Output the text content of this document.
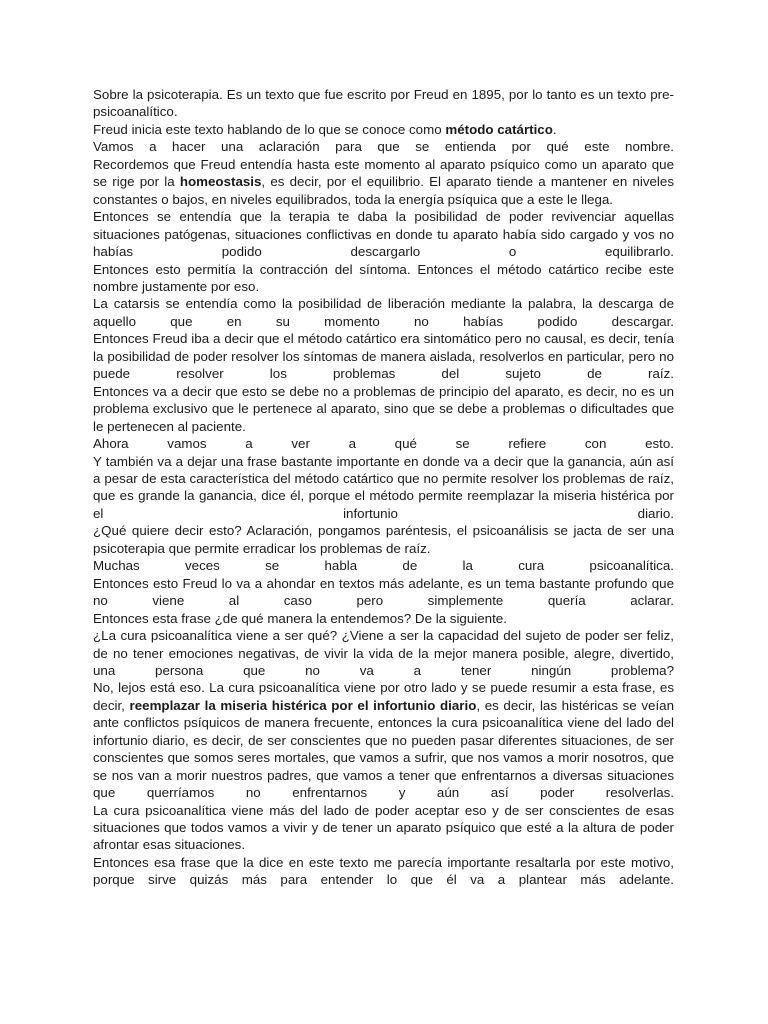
Sobre la psicoterapia. Es un texto que fue escrito por Freud en 1895, por lo tanto es un texto pre-psicoanalítico.

Freud inicia este texto hablando de lo que se conoce como método catártico.

Vamos a hacer una aclaración para que se entienda por qué este nombre.

Recordemos que Freud entendía hasta este momento al aparato psíquico como un aparato que se rige por la homeostasis, es decir, por el equilibrio. El aparato tiende a mantener en niveles constantes o bajos, en niveles equilibrados, toda la energía psíquica que a este le llega.

Entonces se entendía que la terapia te daba la posibilidad de poder revivenciar aquellas situaciones patógenas, situaciones conflictivas en donde tu aparato había sido cargado y vos no habías podido descargarlo o equilibrarlo.

Entonces esto permitía la contracción del síntoma. Entonces el método catártico recibe este nombre justamente por eso.

La catarsis se entendía como la posibilidad de liberación mediante la palabra, la descarga de aquello que en su momento no habías podido descargar.

Entonces Freud iba a decir que el método catártico era sintomático pero no causal, es decir, tenía la posibilidad de poder resolver los síntomas de manera aislada, resolverlos en particular, pero no puede resolver los problemas del sujeto de raíz.

Entonces va a decir que esto se debe no a problemas de principio del aparato, es decir, no es un problema exclusivo que le pertenece al aparato, sino que se debe a problemas o dificultades que le pertenecen al paciente.

Ahora vamos a ver a qué se refiere con esto.

Y también va a dejar una frase bastante importante en donde va a decir que la ganancia, aún así a pesar de esta característica del método catártico que no permite resolver los problemas de raíz, que es grande la ganancia, dice él, porque el método permite reemplazar la miseria histérica por el infortunio diario.

¿Qué quiere decir esto? Aclaración, pongamos paréntesis, el psicoanálisis se jacta de ser una psicoterapia que permite erradicar los problemas de raíz.

Muchas veces se habla de la cura psicoanalítica.

Entonces esto Freud lo va a ahondar en textos más adelante, es un tema bastante profundo que no viene al caso pero simplemente quería aclarar.

Entonces esta frase ¿de qué manera la entendemos? De la siguiente.

¿La cura psicoanalítica viene a ser qué? ¿Viene a ser la capacidad del sujeto de poder ser feliz, de no tener emociones negativas, de vivir la vida de la mejor manera posible, alegre, divertido, una persona que no va a tener ningún problema?

No, lejos está eso. La cura psicoanalítica viene por otro lado y se puede resumir a esta frase, es decir, reemplazar la miseria histérica por el infortunio diario, es decir, las histéricas se veían ante conflictos psíquicos de manera frecuente, entonces la cura psicoanalítica viene del lado del infortunio diario, es decir, de ser conscientes que no pueden pasar diferentes situaciones, de ser conscientes que somos seres mortales, que vamos a sufrir, que nos vamos a morir nosotros, que se nos van a morir nuestros padres, que vamos a tener que enfrentarnos a diversas situaciones que querríamos no enfrentarnos y aún así poder resolverlas.

La cura psicoanalítica viene más del lado de poder aceptar eso y de ser conscientes de esas situaciones que todos vamos a vivir y de tener un aparato psíquico que esté a la altura de poder afrontar esas situaciones.

Entonces esa frase que la dice en este texto me parecía importante resaltarla por este motivo, porque sirve quizás más para entender lo que él va a plantear más adelante.
